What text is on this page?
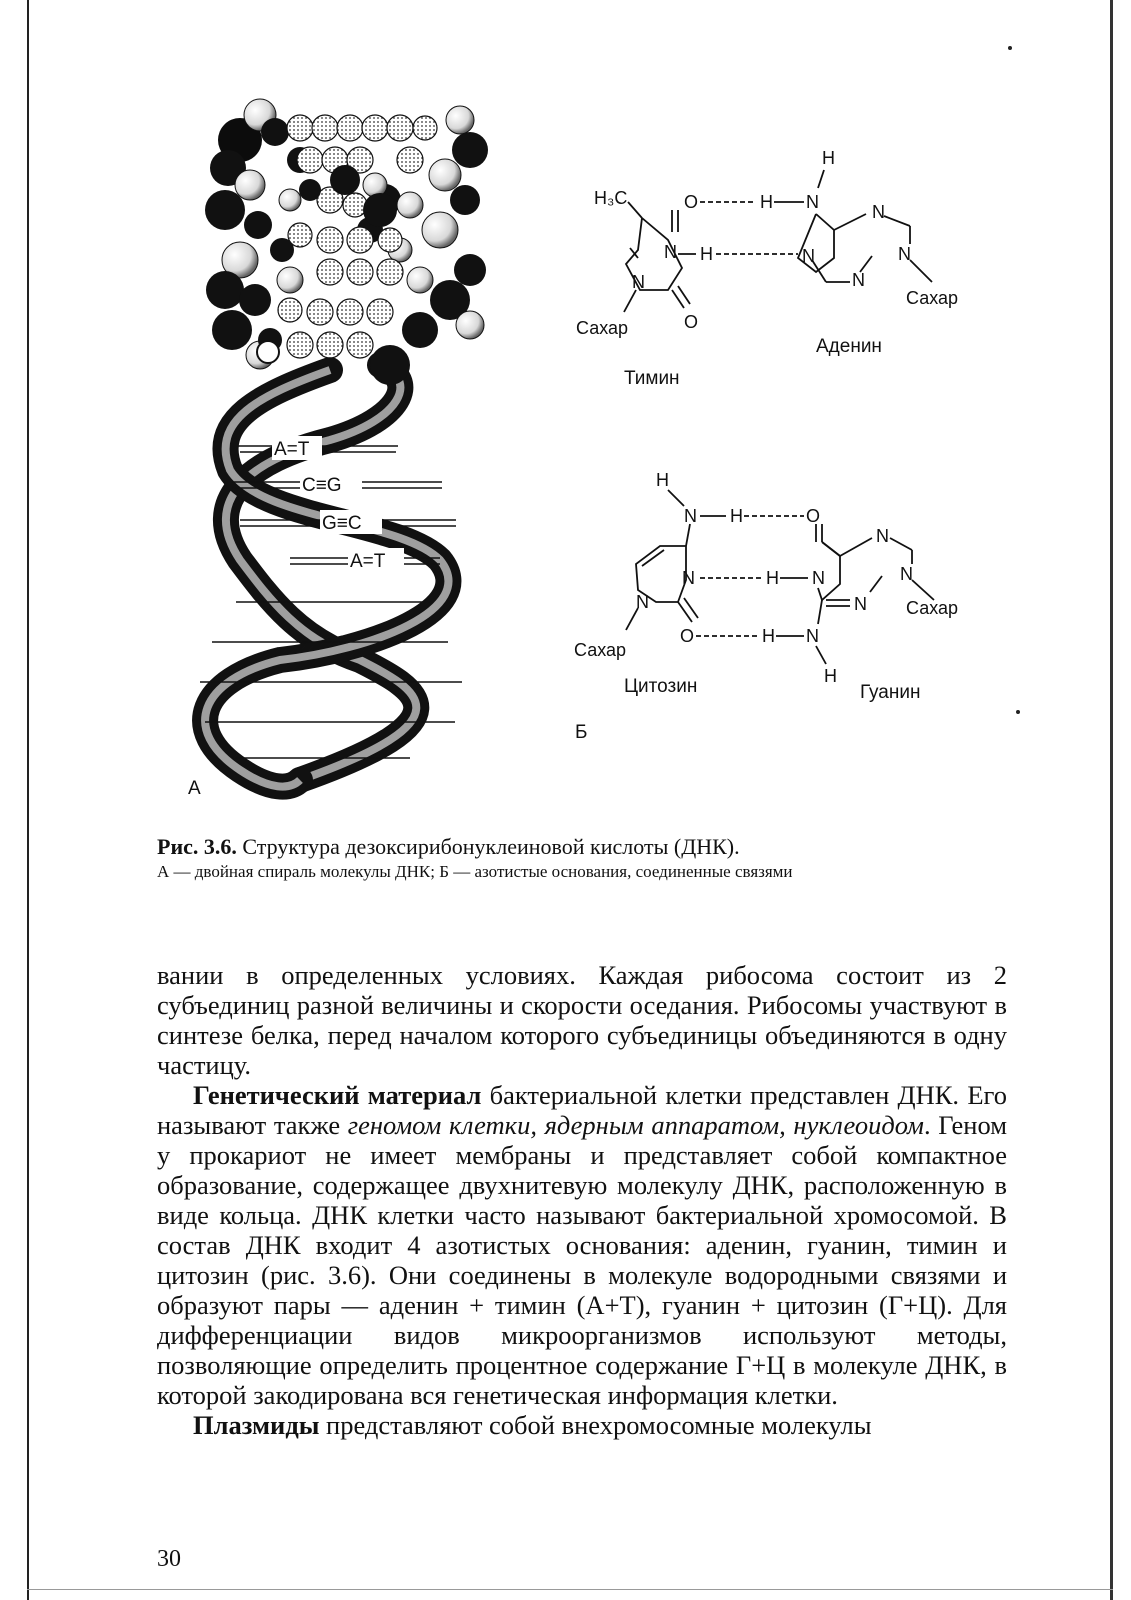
A=T
C≡G
G≡C
A=T
А
H₃C
N
N
O	H N
H
H	N
O
Сахар
Тимин
N
N
N
Сахар
Аденин
H
N H	O
N
N
O
Сахар
Цитозин
H N
H N
H
N
N
N
Сахар
Гуанин
Б

Рис. 3.6. Структура дезоксирибонуклеиновой кислоты (ДНК).

А — двойная спираль молекулы ДНК; Б — азотистые основания, соединенные связями

вании в определенных условиях. Каждая рибосома состоит из 2 субъединиц разной величины и скорости оседания. Рибосомы участвуют в синтезе белка, перед началом которого субъединицы объединяются в одну частицу.

Генетический материал бактериальной клетки представлен ДНК. Его называют также геномом клетки, ядерным аппаратом, нуклеоидом. Геном у прокариот не имеет мембраны и представляет собой компактное образование, содержащее двухнитевую молекулу ДНК, расположенную в виде кольца. ДНК клетки часто называют бактериальной хромосомой. В состав ДНК входит 4 азотистых основания: аденин, гуанин, тимин и цитозин (рис. 3.6). Они соединены в молекуле водородными связями и образуют пары — аденин + тимин (А+Т), гуанин + цитозин (Г+Ц). Для дифференциации видов микроорганизмов используют методы, позволяющие определить процентное содержание Г+Ц в молекуле ДНК, в которой закодирована вся генетическая информация клетки.

Плазмиды представляют собой внехромосомные молекулы

30
